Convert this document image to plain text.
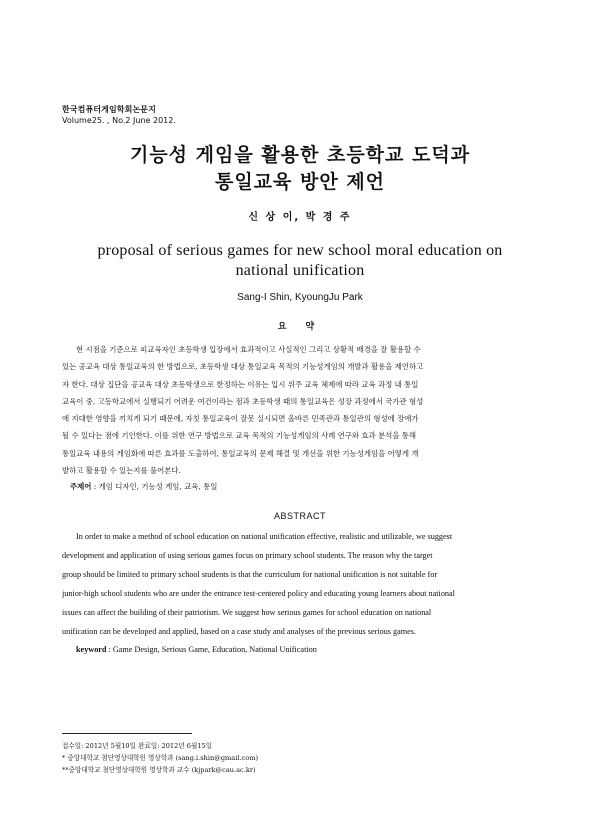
한국컴퓨터게임학회논문지
Volume25. , No.2 June 2012.
기능성 게임을 활용한 초등학교 도덕과
통일교육 방안 제언
신 상 이, 박 경 주
proposal of serious games for new school moral education on
national unification
Sang-I Shin, KyoungJu Park
요 약
현 시점을 기준으로 피교육자인 초등학생 입장에서 효과적이고 사실적인 그리고 상황적 배경을 잘 활용할 수
있는 공교육 대상 통일교육의 한 방법으로, 초등학생 대상 통일교육 목적의 기능성게임의 개발과 활용을 제언하고
자 한다. 대상 집단을 공교육 대상 초등학생으로 한정하는 이유는 입시 위주 교육 체제에 따라 교육 과정 내 통일
교육이 중, 고등학교에서 실행되기 어려운 여건이라는 점과 초등학생 때의 통일교육은 성장 과정에서 국가관 형성
에 지대한 영향을 끼치게 되기 때문에, 자칫 통일교육이 잘못 실시되면 올바른 민족관과 통일관의 형성에 장애가
될 수 있다는 점에 기인한다. 이를 위한 연구 방법으로 교육 목적의 기능성게임의 사례 연구와 효과 분석을 통해
통일교육 내용의 게임화에 따른 효과를 도출하여, 통일교육의 문제 해결 및 개선을 위한 기능성게임을 어떻게 개
발하고 활용할 수 있는지를 풀어본다.
주제어 : 게임 디자인, 기능성 게임, 교육, 통일
ABSTRACT
In order to make a method of school education on national unification effective, realistic and utilizable, we suggest
development and application of using serious games focus on primary school students. The reason why the target
group should be limited to primary school students is that the curriculum for national unification is not suitable for
junior-high school students who are under the entrance test-centered policy and educating young learners about national
issues can affect the building of their patriotism. We suggest how serious games for school education on national
unification can be developed and applied, based on a case study and analyses of the previous serious games.
keyword : Game Design, Serious Game, Education, National Unification
접수일: 2012년 5월10일 완료일: 2012년 6월15일
* 중앙대학교 첨단영상대학원 영상학과 (sang.i.shin@gmail.com)
**중앙대학교 첨단영상대학원 영상학과 교수 (kjpark@cau.ac.kr)
